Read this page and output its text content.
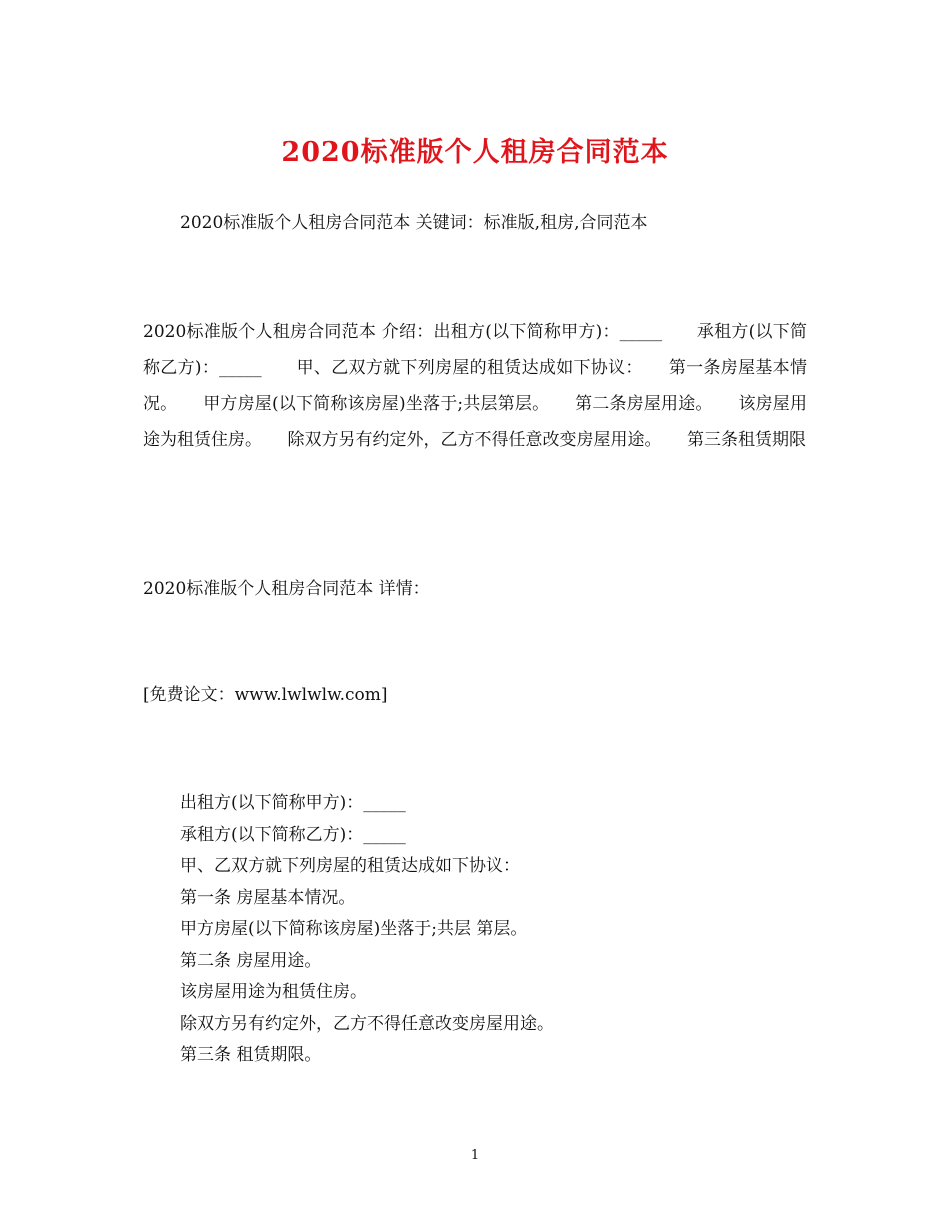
2020标准版个人租房合同范本

2020标准版个人租房合同范本 关键词：标准版,租房,合同范本

2020标准版个人租房合同范本 介绍：出租方(以下简称甲方)：_____　　承租方(以下简称乙方)：_____　　甲、乙双方就下列房屋的租赁达成如下协议：　　第一条房屋基本情况。　　甲方房屋(以下简称该房屋)坐落于;共层第层。　　第二条房屋用途。　　该房屋用途为租赁住房。　　除双方另有约定外，乙方不得任意改变房屋用途。　　第三条租赁期限

2020标准版个人租房合同范本 详情：

[免费论文：www.lwlwlw.com]

出租方(以下简称甲方)：_____
承租方(以下简称乙方)：_____
甲、乙双方就下列房屋的租赁达成如下协议：
第一条 房屋基本情况。
甲方房屋(以下简称该房屋)坐落于;共层 第层。
第二条 房屋用途。
该房屋用途为租赁住房。
除双方另有约定外，乙方不得任意改变房屋用途。
第三条 租赁期限。

1
